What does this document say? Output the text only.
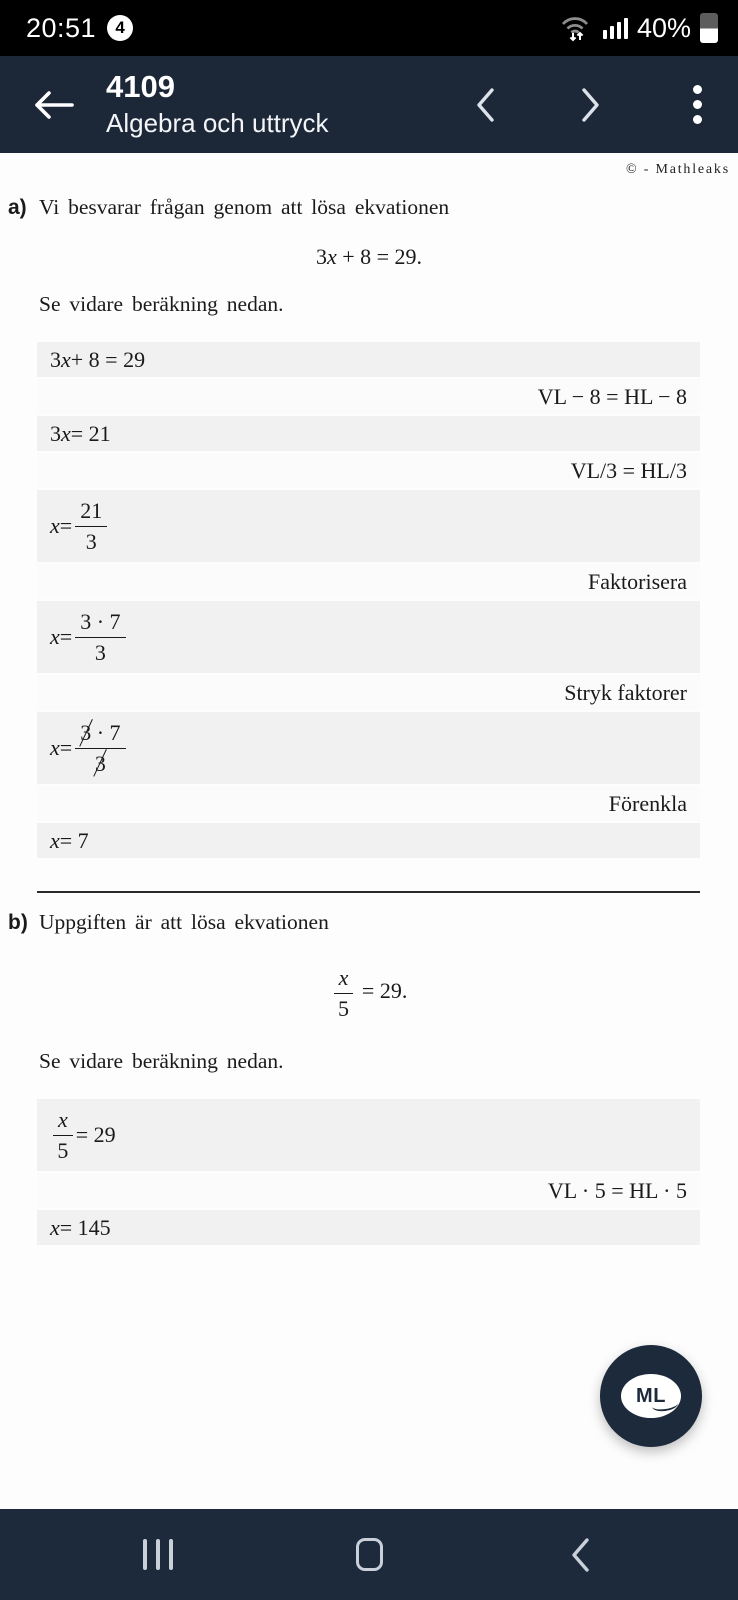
20:51	4	40%
4109
Algebra och uttryck
© - Mathleaks
a) Vi besvarar frågan genom att lösa ekvationen
3x + 8 = 29.
Se vidare beräkning nedan.
3 x + 8 = 29
VL − 8 = HL − 8
3 x = 21
VL/3 = HL/3
$x = \frac{21}{3}$
Faktorisera
$x = \frac{3 \cdot 7}{3}$
Stryk faktorer
$x = \frac{3 \cdot 7}{3}$
Förenkla
x = 7
b) Uppgiften är att lösa ekvationen
$\frac{x}{5} = 29$.
Se vidare beräkning nedan.
$\frac{x}{5} = 29$
VL · 5 = HL · 5
x = 145
ML
